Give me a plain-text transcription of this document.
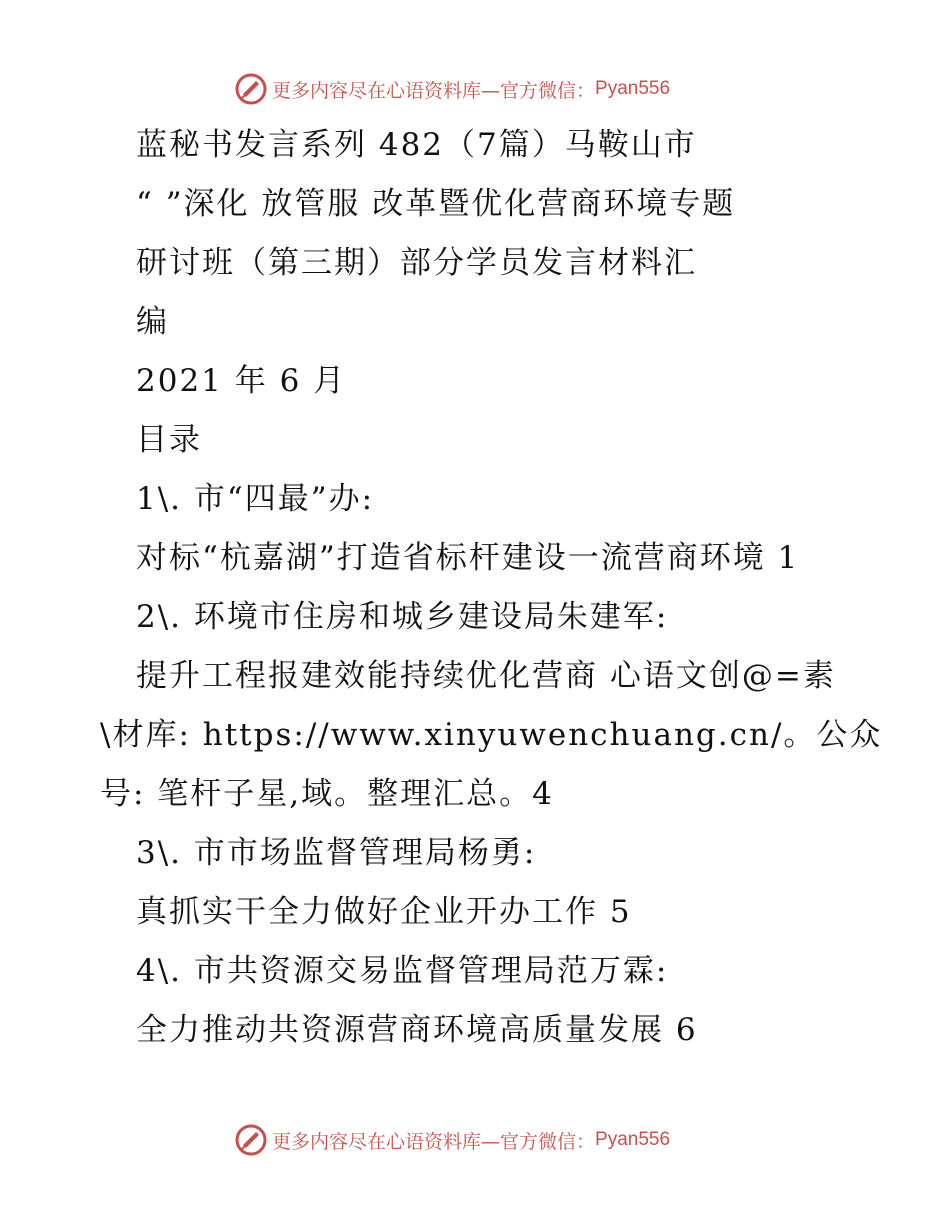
更多内容尽在心语资料库—官方微信： Pyan556
蓝秘书发言系列 482（7篇）马鞍山市
“ ”深化 放管服 改革暨优化营商环境专题
研讨班（第三期）部分学员发言材料汇
编
2021 年 6 月
目录
1\. 市“四最”办:
对标“杭嘉湖”打造省标杆建设一流营商环境 1
2\. 环境市住房和城乡建设局朱建军:
提升工程报建效能持续优化营商 心语文创@=素
\材库: https://www.xinyuwenchuang.cn/。公众
号: 笔杆子星,域。整理汇总。4
3\. 市市场监督管理局杨勇:
真抓实干全力做好企业开办工作 5
4\. 市共资源交易监督管理局范万霖:
全力推动共资源营商环境高质量发展 6
更多内容尽在心语资料库—官方微信： Pyan556
